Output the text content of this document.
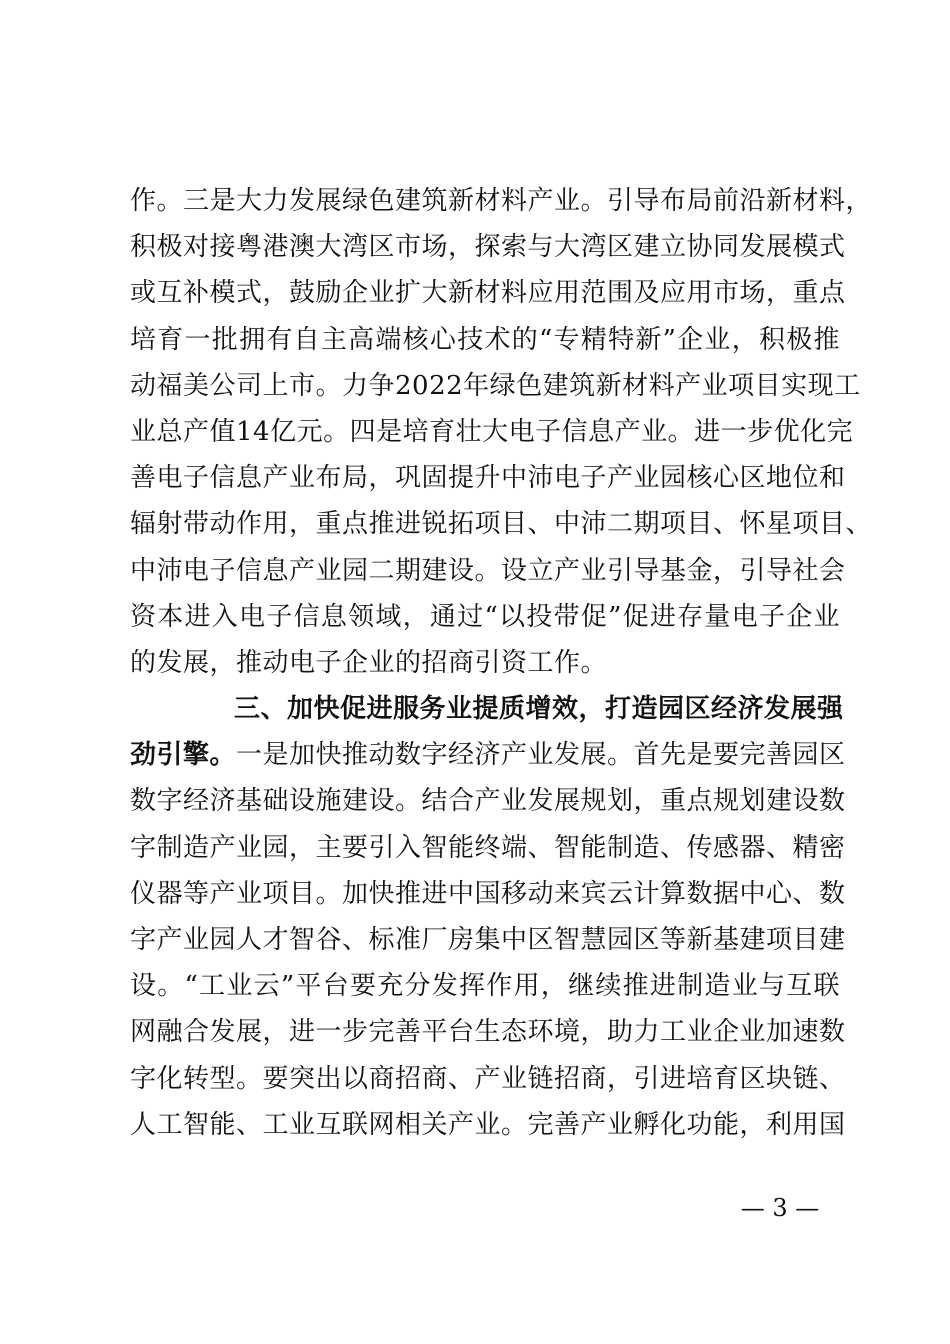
作。三是大力发展绿色建筑新材料产业。引导布局前沿新材料，
积极对接粤港澳大湾区市场，探索与大湾区建立协同发展模式
或互补模式，鼓励企业扩大新材料应用范围及应用市场，重点
培育一批拥有自主高端核心技术的“专精特新”企业，积极推
动福美公司上市。力争2022年绿色建筑新材料产业项目实现工
业总产值14亿元。四是培育壮大电子信息产业。进一步优化完
善电子信息产业布局，巩固提升中沛电子产业园核心区地位和
辐射带动作用，重点推进锐拓项目、中沛二期项目、怀星项目、
中沛电子信息产业园二期建设。设立产业引导基金，引导社会
资本进入电子信息领域，通过“以投带促”促进存量电子企业
的发展，推动电子企业的招商引资工作。
三、加快促进服务业提质增效，打造园区经济发展强
劲引擎。一是加快推动数字经济产业发展。首先是要完善园区
数字经济基础设施建设。结合产业发展规划，重点规划建设数
字制造产业园，主要引入智能终端、智能制造、传感器、精密
仪器等产业项目。加快推进中国移动来宾云计算数据中心、数
字产业园人才智谷、标准厂房集中区智慧园区等新基建项目建
设。“工业云”平台要充分发挥作用，继续推进制造业与互联
网融合发展，进一步完善平台生态环境，助力工业企业加速数
字化转型。要突出以商招商、产业链招商，引进培育区块链、
人工智能、工业互联网相关产业。完善产业孵化功能，利用国
— 3 —
